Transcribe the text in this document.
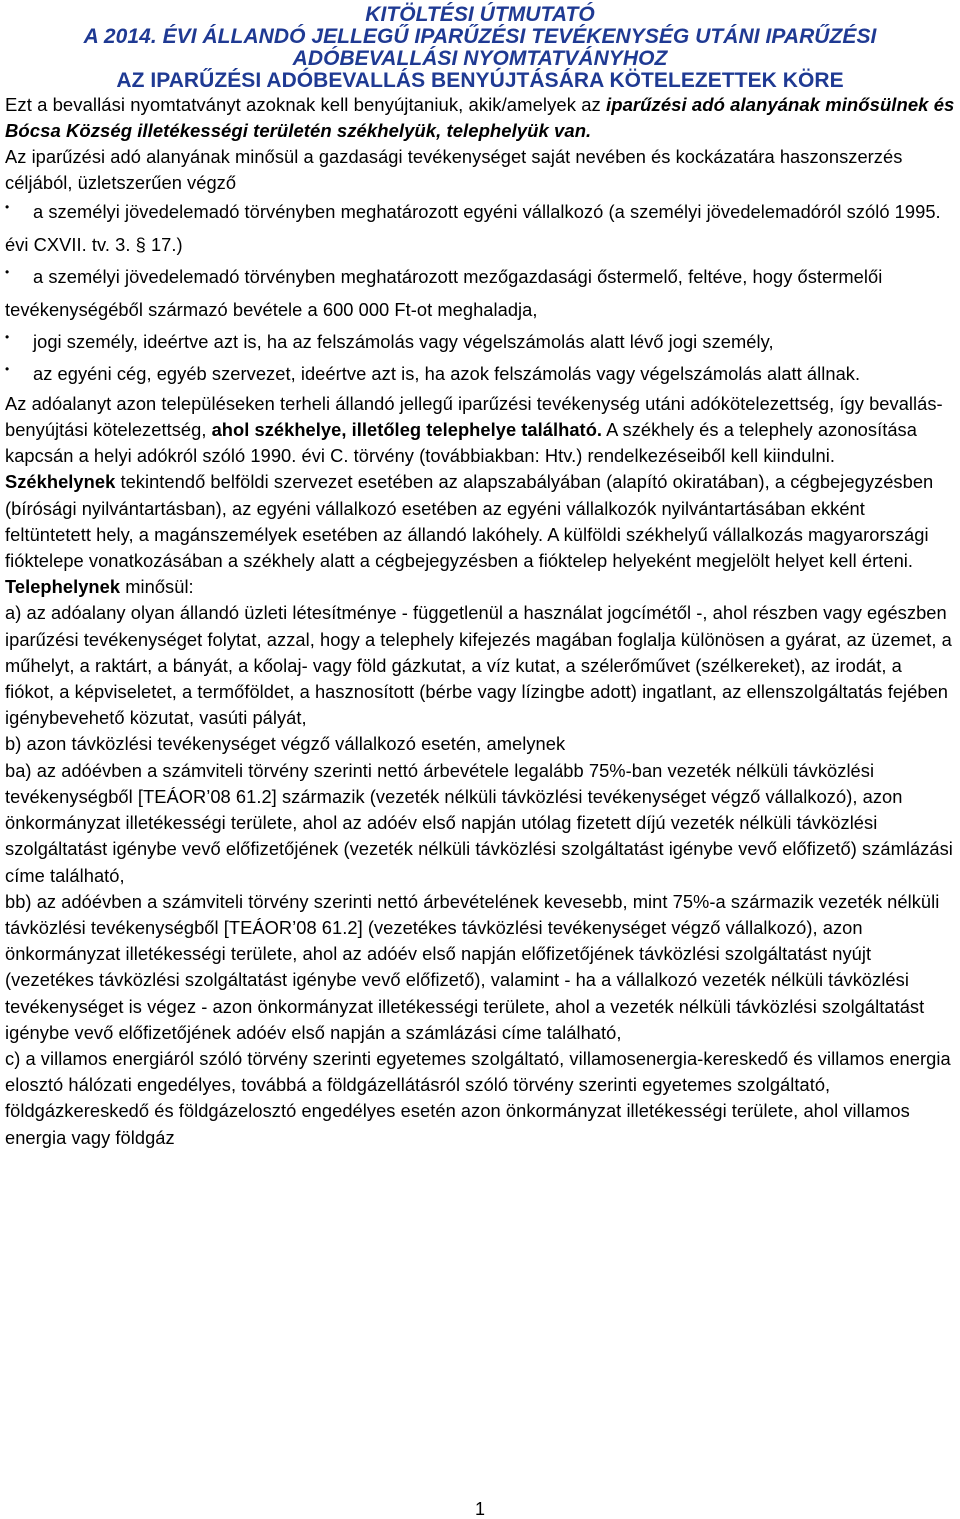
KITÖLTÉSI ÚTMUTATÓ

A 2014. ÉVI ÁLLANDÓ JELLEGŰ IPARŰZÉSI TEVÉKENYSÉG UTÁNI IPARŰZÉSI ADÓBEVALLÁSI NYOMTATVÁNYHOZ

AZ IPARŰZÉSI ADÓBEVALLÁS BENYÚJTÁSÁRA KÖTELEZETTEK KÖRE

Ezt a bevallási nyomtatványt azoknak kell benyújtaniuk, akik/amelyek az iparűzési adó alanyának minősülnek és Bócsa Község illetékességi területén székhelyük, telephelyük van.

Az iparűzési adó alanyának minősül a gazdasági tevékenységet saját nevében és kockázatára haszonszerzés céljából, üzletszerűen végző

• a személyi jövedelemadó törvényben meghatározott egyéni vállalkozó (a személyi jövedelemadóról szóló 1995. évi CXVII. tv. 3. § 17.)
• a személyi jövedelemadó törvényben meghatározott mezőgazdasági őstermelő, feltéve, hogy őstermelői tevékenységéből származó bevétele a 600 000 Ft-ot meghaladja,
• jogi személy, ideértve azt is, ha az felszámolás vagy végelszámolás alatt lévő jogi személy,
• az egyéni cég, egyéb szervezet, ideértve azt is, ha azok felszámolás vagy végelszámolás alatt állnak.

Az adóalanyt azon településeken terheli állandó jellegű iparűzési tevékenység utáni adókötelezettség, így bevallás-benyújtási kötelezettség, ahol székhelye, illetőleg telephelye található. A székhely és a telephely azonosítása kapcsán a helyi adókról szóló 1990. évi C. törvény (továbbiakban: Htv.) rendelkezéseiből kell kiindulni.

Székhelynek tekintendő belföldi szervezet esetében az alapszabályában (alapító okiratában), a cégbejegyzésben (bírósági nyilvántartásban), az egyéni vállalkozó esetében az egyéni vállalkozók nyilvántartásában ekként feltüntetett hely, a magánszemélyek esetében az állandó lakóhely. A külföldi székhelyű vállalkozás magyarországi fióktelepe vonatkozásában a székhely alatt a cégbejegyzésben a fióktelep helyeként megjelölt helyet kell érteni.

Telephelynek minősül:

a) az adóalany olyan állandó üzleti létesítménye - függetlenül a használat jogcímétől -, ahol részben vagy egészben iparűzési tevékenységet folytat, azzal, hogy a telephely kifejezés magában foglalja különösen a gyárat, az üzemet, a műhelyt, a raktárt, a bányát, a kőolaj- vagy föld gázkutat, a víz kutat, a szélerőművet (szélkereket), az irodát, a fiókot, a képviseletet, a termőföldet, a hasznosított (bérbe vagy lízingbe adott) ingatlant, az ellenszolgáltatás fejében igénybevehető közutat, vasúti pályát,

b) azon távközlési tevékenységet végző vállalkozó esetén, amelynek

ba) az adóévben a számviteli törvény szerinti nettó árbevétele legalább 75%-ban vezeték nélküli távközlési tevékenységből [TEÁOR’08 61.2] származik (vezeték nélküli távközlési tevékenységet végző vállalkozó), azon önkormányzat illetékességi területe, ahol az adóév első napján utólag fizetett díjú vezeték nélküli távközlési szolgáltatást igénybe vevő előfizetőjének (vezeték nélküli távközlési szolgáltatást igénybe vevő előfizető) számlázási címe található,

bb) az adóévben a számviteli törvény szerinti nettó árbevételének kevesebb, mint 75%-a származik vezeték nélküli távközlési tevékenységből [TEÁOR’08 61.2] (vezetékes távközlési tevékenységet végző vállalkozó), azon önkormányzat illetékességi területe, ahol az adóév első napján előfizetőjének távközlési szolgáltatást nyújt (vezetékes távközlési szolgáltatást igénybe vevő előfizető), valamint - ha a vállalkozó vezeték nélküli távközlési tevékenységet is végez - azon önkormányzat illetékességi területe, ahol a vezeték nélküli távközlési szolgáltatást igénybe vevő előfizetőjének adóév első napján a számlázási címe található,

c) a villamos energiáról szóló törvény szerinti egyetemes szolgáltató, villamosenergia-kereskedő és villamos energia elosztó hálózati engedélyes, továbbá a földgázellátásról szóló törvény szerinti egyetemes szolgáltató, földgázkereskedő és földgázelosztó engedélyes esetén azon önkormányzat illetékességi területe, ahol villamos energia vagy földgáz

1
